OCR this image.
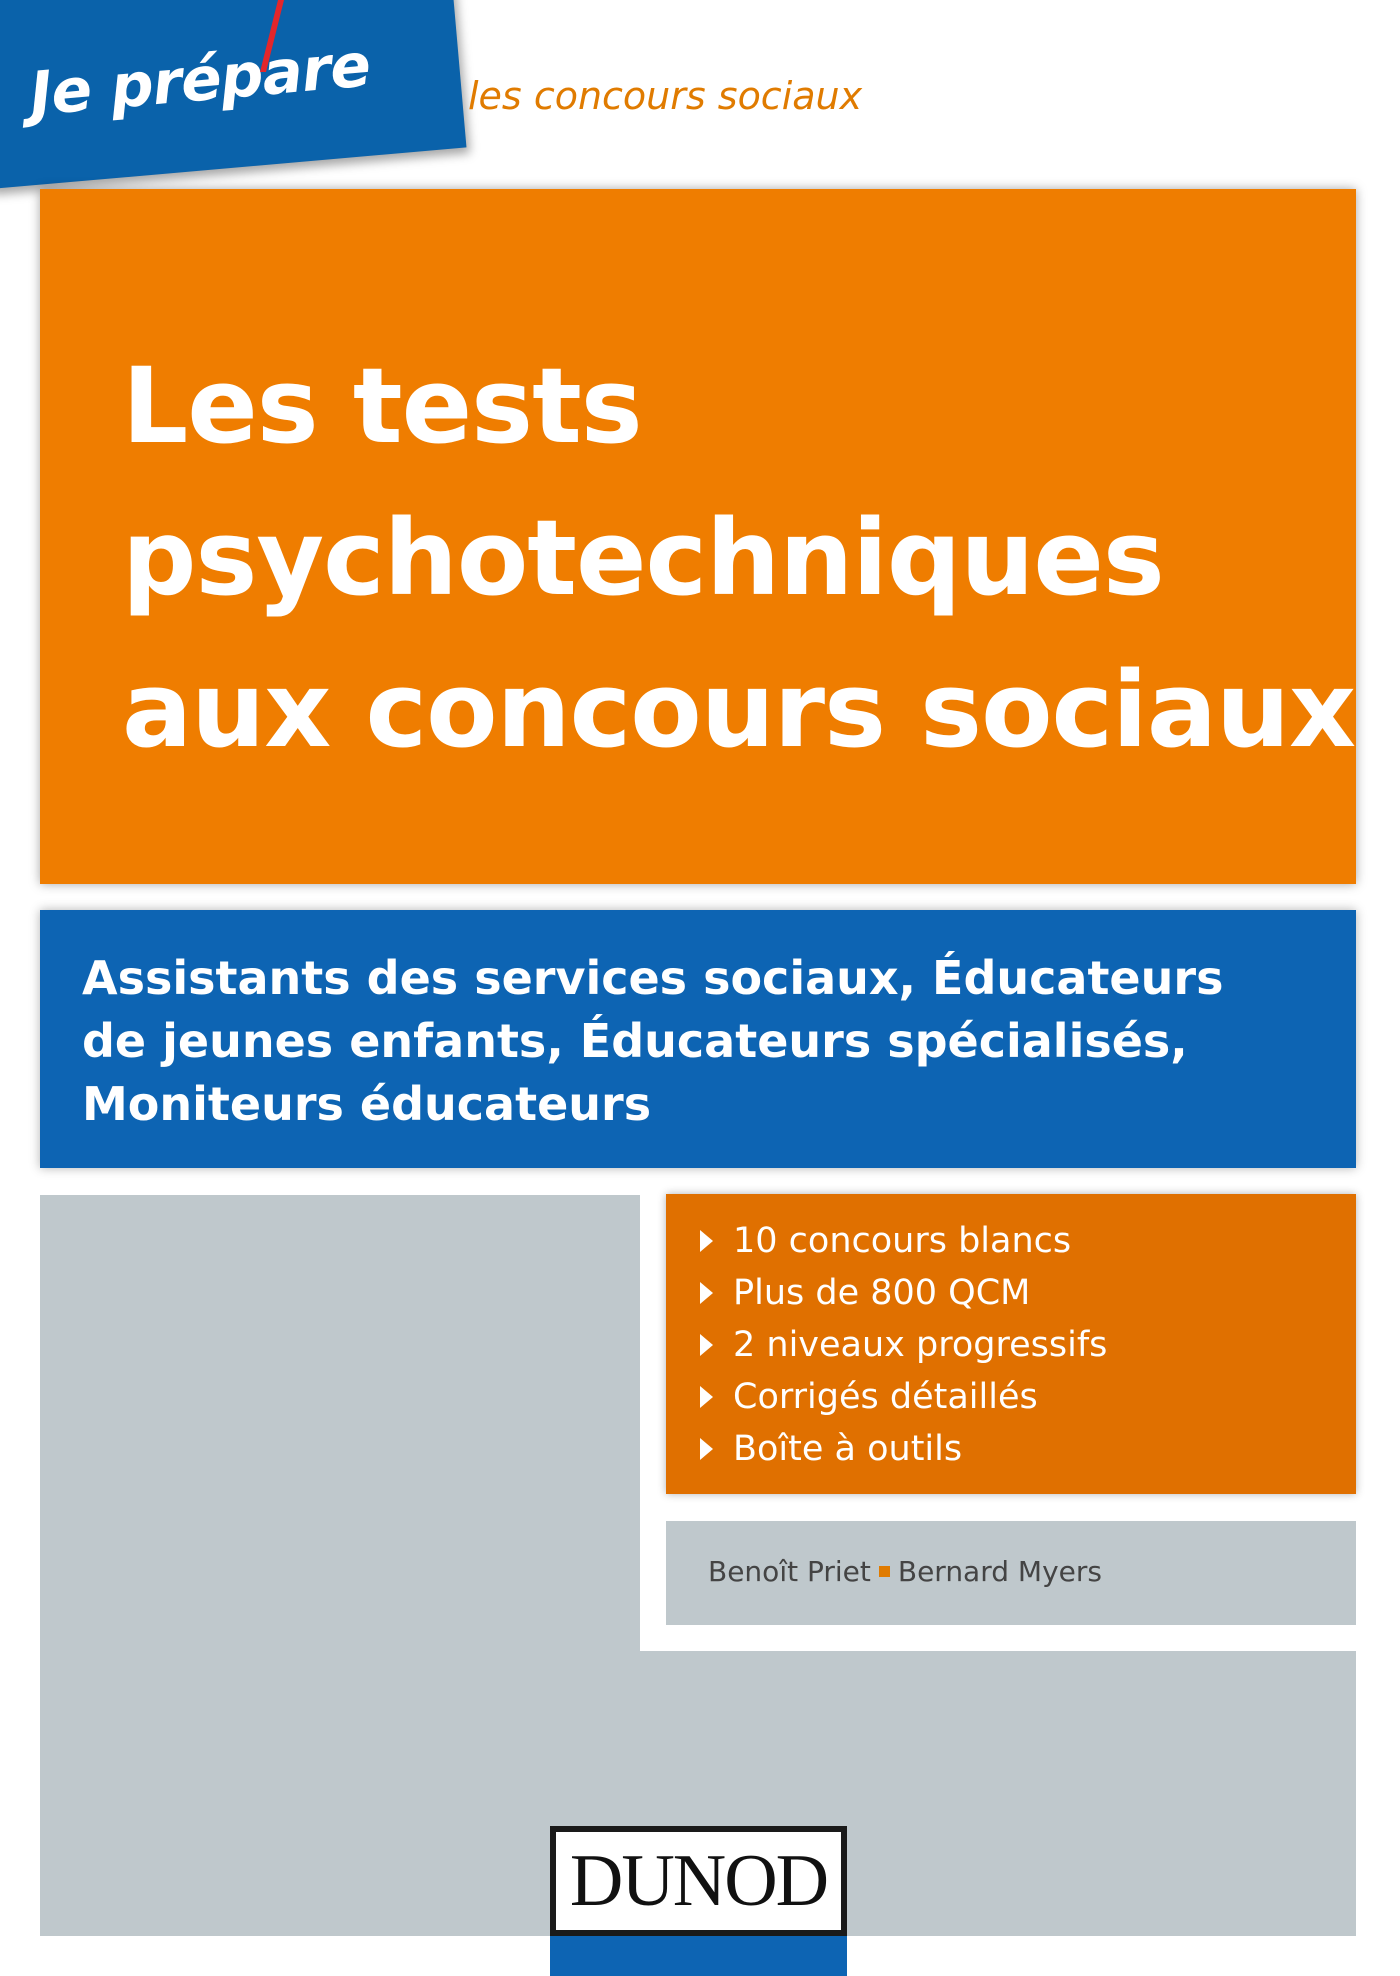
Je prépare	les concours sociaux
Les tests
psychotechniques
aux concours sociaux
Assistants des services sociaux, Éducateurs
de jeunes enfants, Éducateurs spécialisés,
Moniteurs éducateurs
10 concours blancs
Plus de 800 QCM
2 niveaux progressifs
Corrigés détaillés
Boîte à outils
Benoît Priet Bernard Myers
DUNOD
